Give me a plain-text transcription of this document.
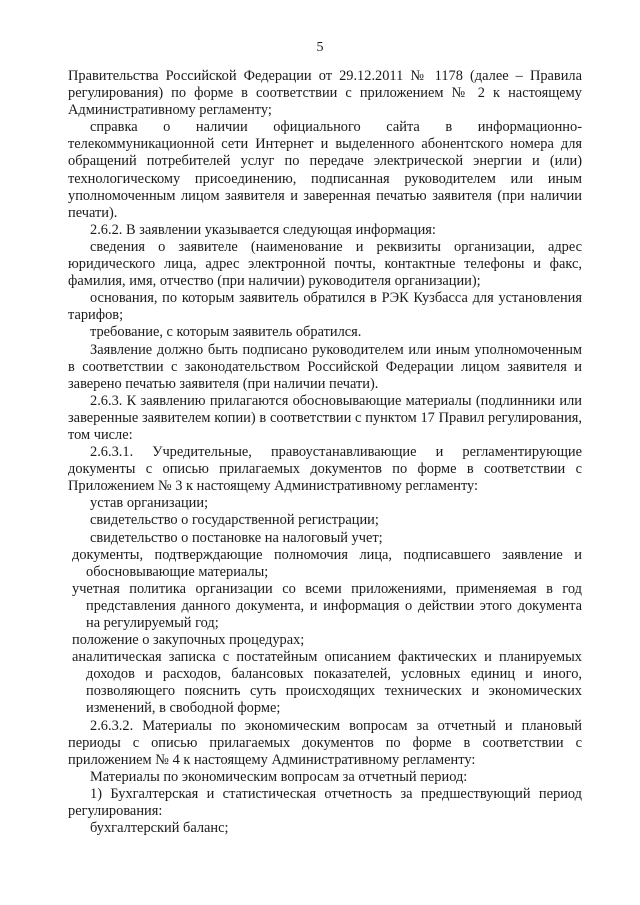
5

Правительства Российской Федерации от 29.12.2011 № 1178 (далее – Правила регулирования) по форме в соответствии с приложением № 2 к настоящему Административному регламенту;

справка о наличии официального сайта в информационно-телекоммуникационной сети Интернет и выделенного абонентского номера для обращений потребителей услуг по передаче электрической энергии и (или) технологическому присоединению, подписанная руководителем или иным уполномоченным лицом заявителя и заверенная печатью заявителя (при наличии печати).

2.6.2. В заявлении указывается следующая информация:

сведения о заявителе (наименование и реквизиты организации, адрес юридического лица, адрес электронной почты, контактные телефоны и факс, фамилия, имя, отчество (при наличии) руководителя организации);

основания, по которым заявитель обратился в РЭК Кузбасса для установления тарифов;

требование, с которым заявитель обратился.

Заявление должно быть подписано руководителем или иным уполномоченным в соответствии с законодательством Российской Федерации лицом заявителя и заверено печатью заявителя (при наличии печати).

2.6.3. К заявлению прилагаются обосновывающие материалы (подлинники или заверенные заявителем копии) в соответствии с пунктом 17 Правил регулирования, том числе:

2.6.3.1. Учредительные, правоустанавливающие и регламентирующие документы с описью прилагаемых документов по форме в соответствии с Приложением № 3 к настоящему Административному регламенту:

устав организации;

свидетельство о государственной регистрации;

свидетельство о постановке на налоговый учет;

документы, подтверждающие полномочия лица, подписавшего заявление и обосновывающие материалы;

учетная политика организации со всеми приложениями, применяемая в год представления данного документа, и информация о действии этого документа на регулируемый год;

положение о закупочных процедурах;

аналитическая записка с постатейным описанием фактических и планируемых доходов и расходов, балансовых показателей, условных единиц и иного, позволяющего пояснить суть происходящих технических и экономических изменений, в свободной форме;

2.6.3.2. Материалы по экономическим вопросам за отчетный и плановый периоды с описью прилагаемых документов по форме в соответствии с приложением № 4 к настоящему Административному регламенту:

Материалы по экономическим вопросам за отчетный период:

1) Бухгалтерская и статистическая отчетность за предшествующий период регулирования:

бухгалтерский баланс;
